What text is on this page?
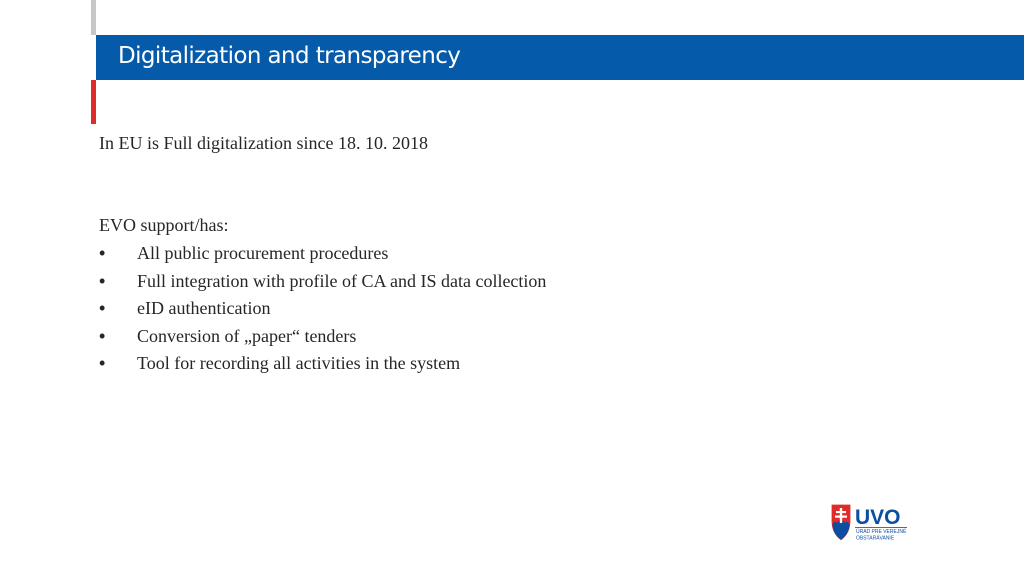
Digitalization and transparency

In EU is Full digitalization since 18. 10. 2018

EVO support/has:

• All public procurement procedures
• Full integration with profile of CA and IS data collection
• eID authentication
• Conversion of „paper“ tenders
• Tool for recording all activities in the system
UVO
ÚRAD PRE VEREJNÉ
OBSTARÁVANIE
